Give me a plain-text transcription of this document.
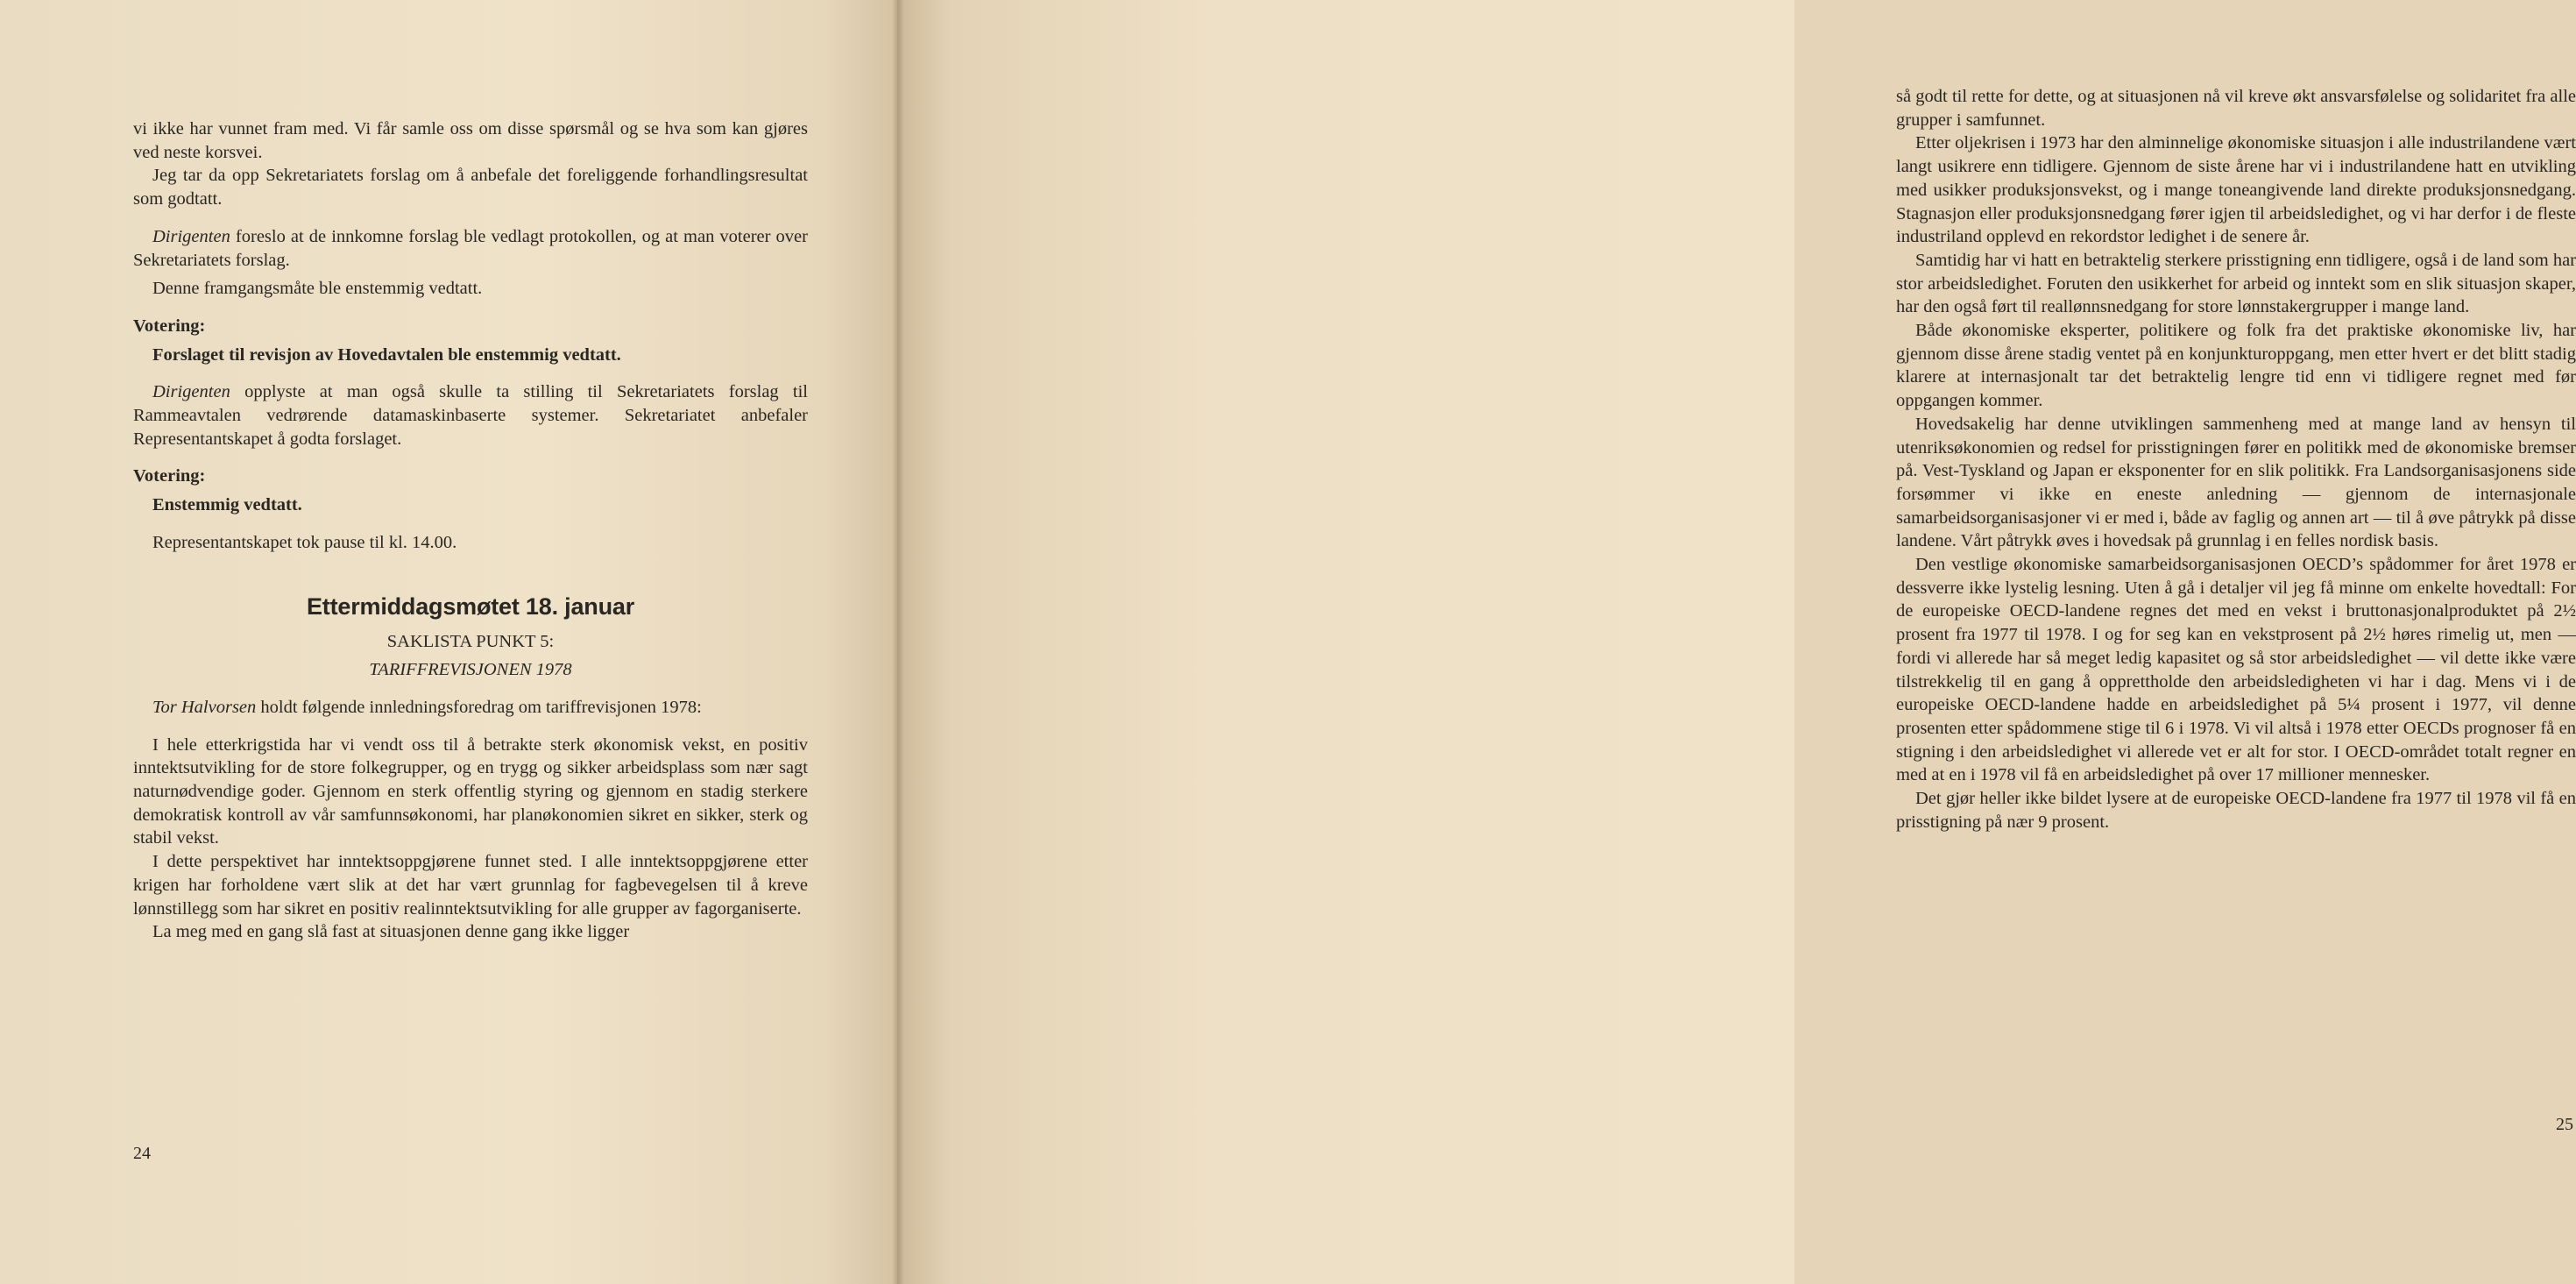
vi ikke har vunnet fram med. Vi får samle oss om disse spørsmål og se hva som kan gjøres ved neste korsvei.

Jeg tar da opp Sekretariatets forslag om å anbefale det foreliggende forhandlingsresultat som godtatt.

Dirigenten foreslo at de innkomne forslag ble vedlagt protokollen, og at man voterer over Sekretariatets forslag.

Denne framgangsmåte ble enstemmig vedtatt.

Votering:

Forslaget til revisjon av Hovedavtalen ble enstemmig vedtatt.

Dirigenten opplyste at man også skulle ta stilling til Sekretariatets forslag til Rammeavtalen vedrørende datamaskinbaserte systemer. Sekretariatet anbefaler Representantskapet å godta forslaget.

Votering:

Enstemmig vedtatt.

Representantskapet tok pause til kl. 14.00.

Ettermiddagsmøtet 18. januar

SAKLISTA PUNKT 5:

TARIFFREVISJONEN 1978

Tor Halvorsen holdt følgende innledningsforedrag om tariffrevisjonen 1978:

I hele etterkrigstida har vi vendt oss til å betrakte sterk økonomisk vekst, en positiv inntektsutvikling for de store folkegrupper, og en trygg og sikker arbeidsplass som nær sagt naturnødvendige goder. Gjennom en sterk offentlig styring og gjennom en stadig sterkere demokratisk kontroll av vår samfunnsøkonomi, har planøkonomien sikret en sikker, sterk og stabil vekst.

I dette perspektivet har inntektsoppgjørene funnet sted. I alle inntektsoppgjørene etter krigen har forholdene vært slik at det har vært grunnlag for fagbevegelsen til å kreve lønnstillegg som har sikret en positiv realinntektsutvikling for alle grupper av fagorganiserte.

La meg med en gang slå fast at situasjonen denne gang ikke ligger

24

så godt til rette for dette, og at situasjonen nå vil kreve økt ansvarsfølelse og solidaritet fra alle grupper i samfunnet.

Etter oljekrisen i 1973 har den alminnelige økonomiske situasjon i alle industrilandene vært langt usikrere enn tidligere. Gjennom de siste årene har vi i industrilandene hatt en utvikling med usikker produksjonsvekst, og i mange toneangivende land direkte produksjonsnedgang. Stagnasjon eller produksjonsnedgang fører igjen til arbeidsledighet, og vi har derfor i de fleste industriland opplevd en rekordstor ledighet i de senere år.

Samtidig har vi hatt en betraktelig sterkere prisstigning enn tidligere, også i de land som har stor arbeidsledighet. Foruten den usikkerhet for arbeid og inntekt som en slik situasjon skaper, har den også ført til reallønnsnedgang for store lønnstakergrupper i mange land.

Både økonomiske eksperter, politikere og folk fra det praktiske økonomiske liv, har gjennom disse årene stadig ventet på en konjunkturoppgang, men etter hvert er det blitt stadig klarere at internasjonalt tar det betraktelig lengre tid enn vi tidligere regnet med før oppgangen kommer.

Hovedsakelig har denne utviklingen sammenheng med at mange land av hensyn til utenriksøkonomien og redsel for prisstigningen fører en politikk med de økonomiske bremser på. Vest-Tyskland og Japan er eksponenter for en slik politikk. Fra Landsorganisasjonens side forsømmer vi ikke en eneste anledning — gjennom de internasjonale samarbeidsorganisasjoner vi er med i, både av faglig og annen art — til å øve påtrykk på disse landene. Vårt påtrykk øves i hovedsak på grunnlag i en felles nordisk basis.

Den vestlige økonomiske samarbeidsorganisasjonen OECD’s spådommer for året 1978 er dessverre ikke lystelig lesning. Uten å gå i detaljer vil jeg få minne om enkelte hovedtall: For de europeiske OECD-landene regnes det med en vekst i bruttonasjonalproduktet på 2½ prosent fra 1977 til 1978. I og for seg kan en vekstprosent på 2½ høres rimelig ut, men — fordi vi allerede har så meget ledig kapasitet og så stor arbeidsledighet — vil dette ikke være tilstrekkelig til en gang å opprettholde den arbeidsledigheten vi har i dag. Mens vi i de europeiske OECD-landene hadde en arbeidsledighet på 5¼ prosent i 1977, vil denne prosenten etter spådommene stige til 6 i 1978. Vi vil altså i 1978 etter OECDs prognoser få en stigning i den arbeidsledighet vi allerede vet er alt for stor. I OECD-området totalt regner en med at en i 1978 vil få en arbeidsledighet på over 17 millioner mennesker.

Det gjør heller ikke bildet lysere at de europeiske OECD-landene fra 1977 til 1978 vil få en prisstigning på nær 9 prosent.

25
